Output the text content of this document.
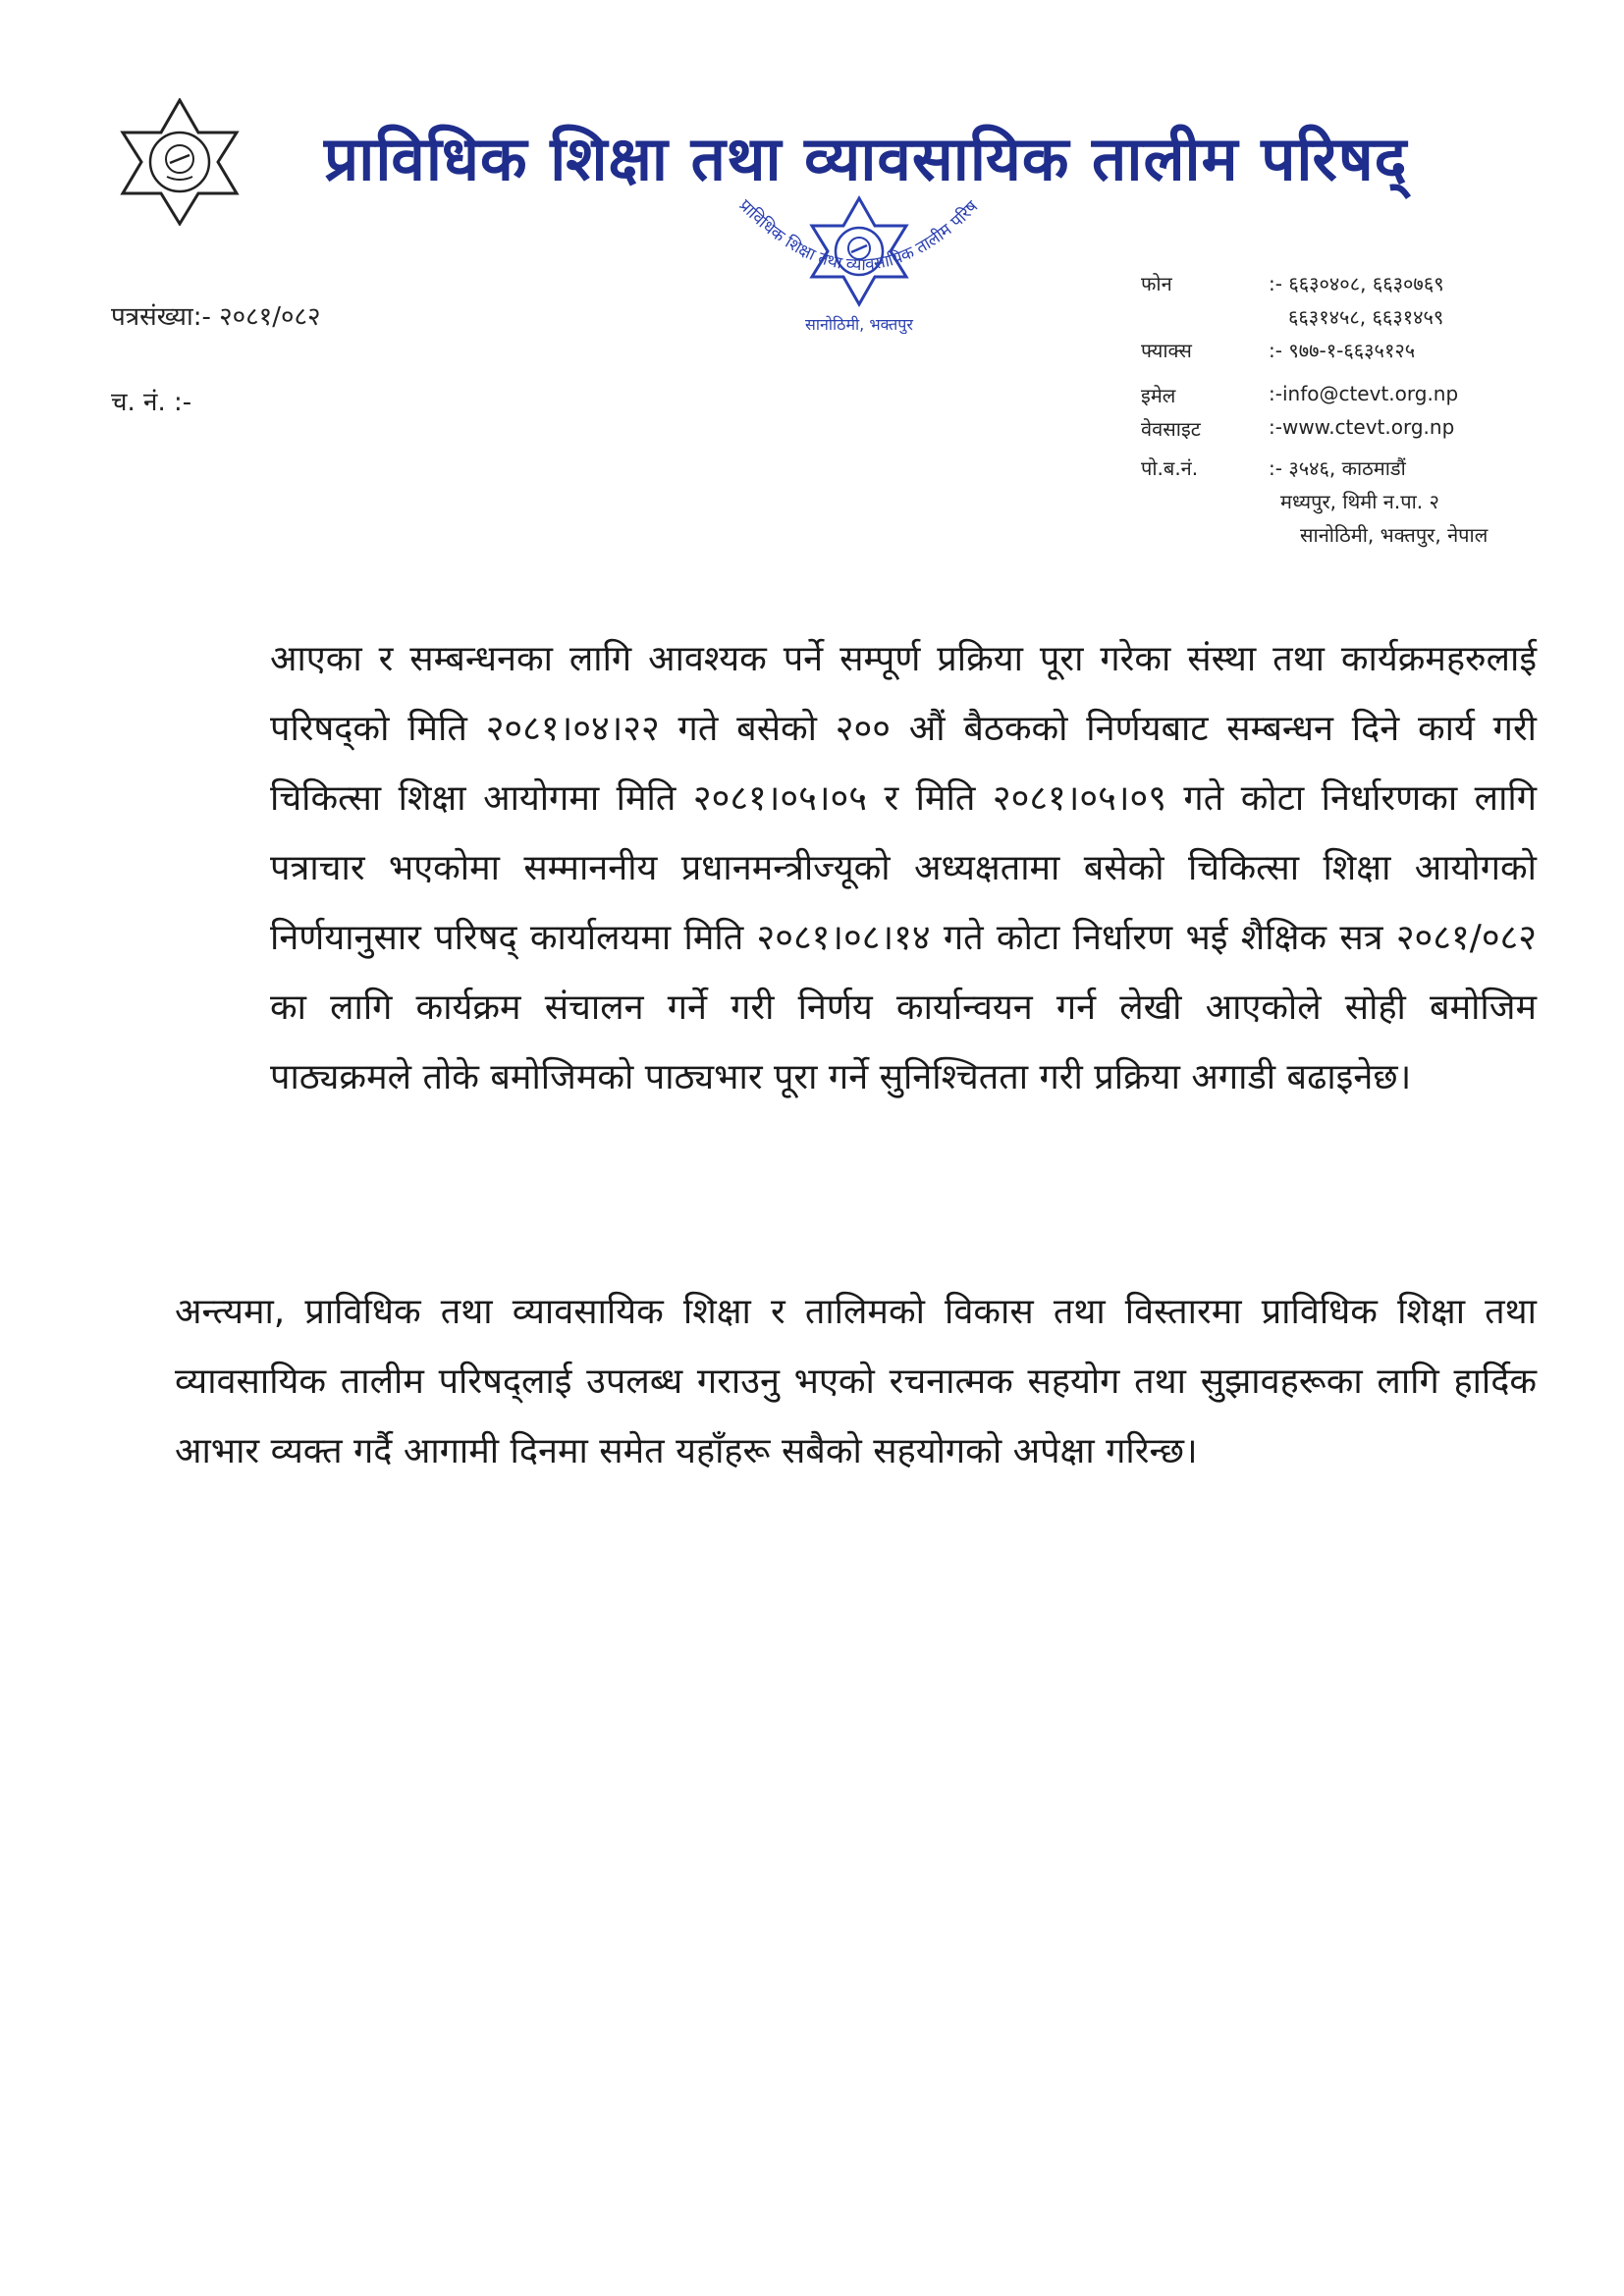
प्राविधिक शिक्षा तथा व्यावसायिक तालीम परिषद्
प्राविधिक शिक्षा तथा व्यावसायिक तालीम परिष
सानोठिमी, भक्तपुर
पत्रसंख्या:- २०८१/०८२
च. नं. :-
फोन	:- ६६३०४०८, ६६३०७६९
६६३१४५८, ६६३१४५९
फ्याक्स	:- ९७७-१-६६३५१२५
इमेल	:-info@ctevt.org.np
वेवसाइट	:-www.ctevt.org.np
पो.ब.नं.	:- ३५४६, काठमाडौं
मध्यपुर, थिमी न.पा. २
सानोठिमी, भक्तपुर, नेपाल

आएका र सम्बन्धनका लागि आवश्यक पर्ने सम्पूर्ण प्रक्रिया पूरा गरेका संस्था तथा कार्यक्रमहरुलाई परिषद्को मिति २०८१।०४।२२ गते बसेको २०० औं बैठकको निर्णयबाट सम्बन्धन दिने कार्य गरी चिकित्सा शिक्षा आयोगमा मिति २०८१।०५।०५ र मिति २०८१।०५।०९ गते कोटा निर्धारणका लागि पत्राचार भएकोमा सम्माननीय प्रधानमन्त्रीज्यूको अध्यक्षतामा बसेको चिकित्सा शिक्षा आयोगको निर्णयानुसार परिषद् कार्यालयमा मिति २०८१।०८।१४ गते कोटा निर्धारण भई शैक्षिक सत्र २०८१/०८२ का लागि कार्यक्रम संचालन गर्ने गरी निर्णय कार्यान्वयन गर्न लेखी आएकोले सोही बमोजिम पाठ्यक्रमले तोके बमोजिमको पाठ्यभार पूरा गर्ने सुनिश्चितता गरी प्रक्रिया अगाडी बढाइनेछ।

अन्त्यमा, प्राविधिक तथा व्यावसायिक शिक्षा र तालिमको विकास तथा विस्तारमा प्राविधिक शिक्षा तथा व्यावसायिक तालीम परिषद्लाई उपलब्ध गराउनु भएको रचनात्मक सहयोग तथा सुझावहरूका लागि हार्दिक आभार व्यक्त गर्दै आगामी दिनमा समेत यहाँहरू सबैको सहयोगको अपेक्षा गरिन्छ।
